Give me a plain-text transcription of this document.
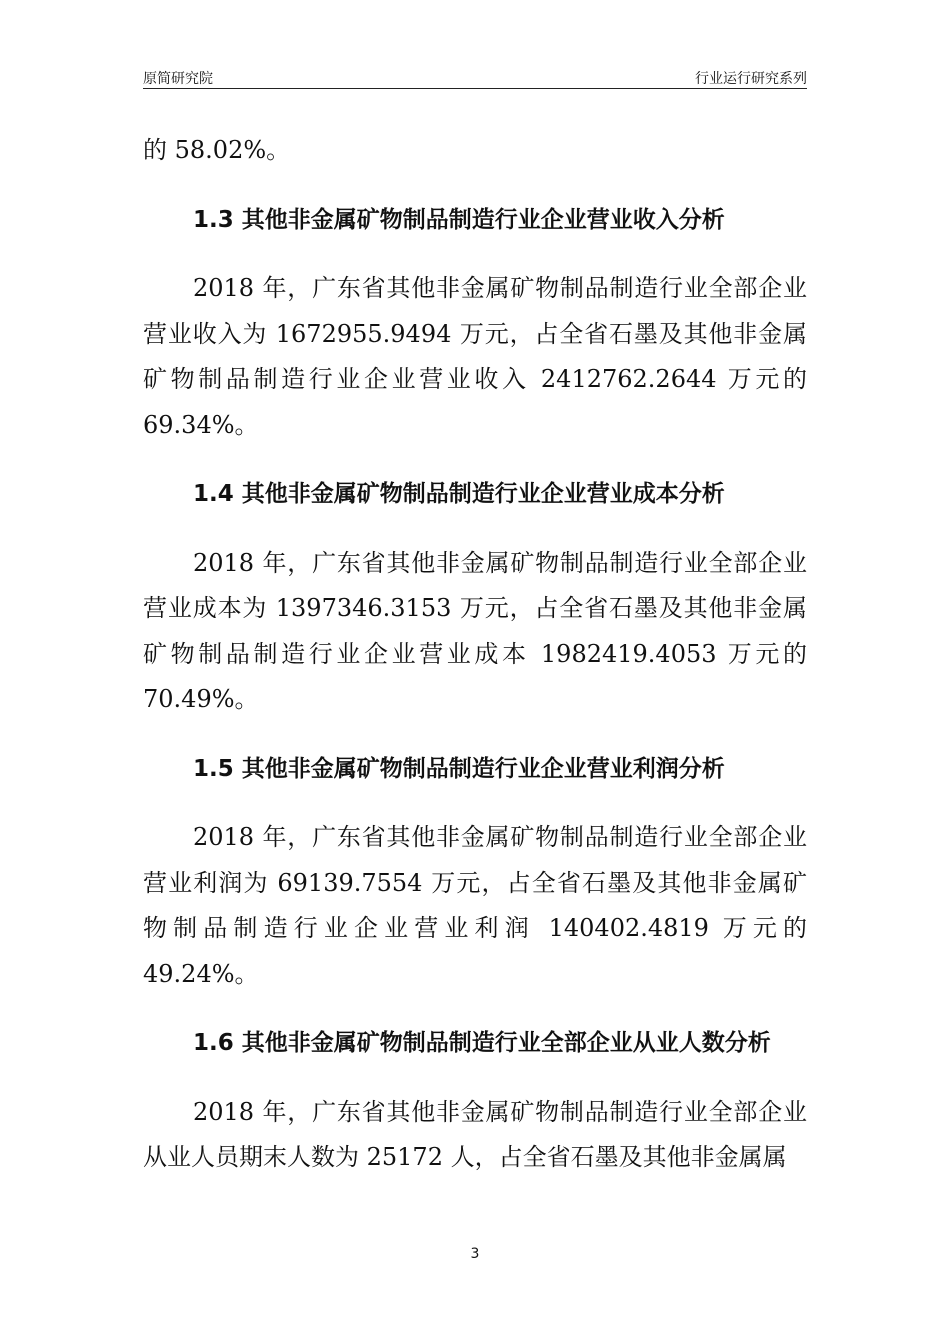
原简研究院	行业运行研究系列

的 58.02%。

1.3 其他非金属矿物制品制造行业企业营业收入分析

2018 年，广东省其他非金属矿物制品制造行业全部企业营业收入为 1672955.9494 万元，占全省石墨及其他非金属矿物制品制造行业企业营业收入 2412762.2644 万元的 69.34%。

1.4 其他非金属矿物制品制造行业企业营业成本分析

2018 年，广东省其他非金属矿物制品制造行业全部企业营业成本为 1397346.3153 万元，占全省石墨及其他非金属矿物制品制造行业企业营业成本 1982419.4053 万元的 70.49%。

1.5 其他非金属矿物制品制造行业企业营业利润分析

2018 年，广东省其他非金属矿物制品制造行业全部企业营业利润为 69139.7554 万元，占全省石墨及其他非金属矿物制品制造行业企业营业利润 140402.4819 万元的 49.24%。

1.6 其他非金属矿物制品制造行业全部企业从业人数分析

2018 年，广东省其他非金属矿物制品制造行业全部企业从业人员期末人数为 25172 人，占全省石墨及其他非金属属

3
